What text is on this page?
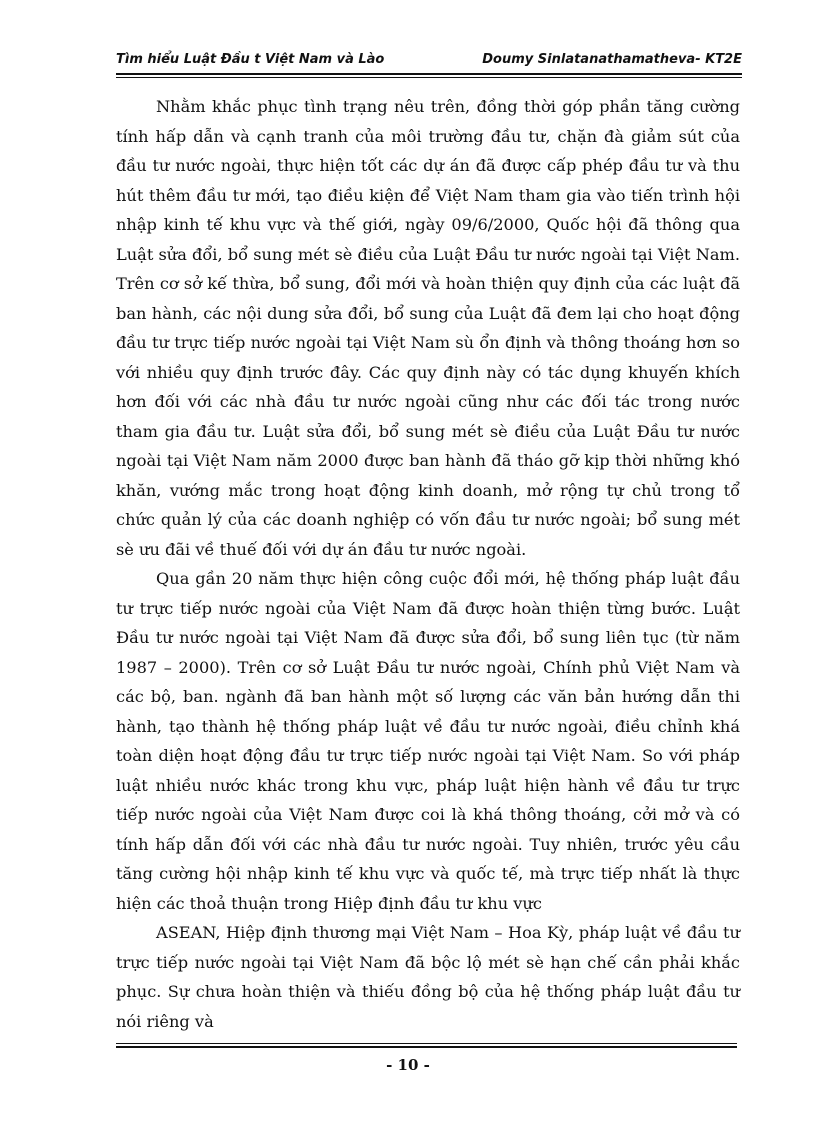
Tìm hiểu Luật Đầu t Việt Nam và Lào	Doumy Sinlatanathamatheva- KT2E

Nhằm khắc phục tình trạng nêu trên, đồng thời góp phần tăng cường tính hấp dẫn và cạnh tranh của môi trường đầu tư, chặn đà giảm sút của đầu tư nước ngoài, thực hiện tốt các dự án đã được cấp phép đầu tư và thu hút thêm đầu tư mới, tạo điều kiện để Việt Nam tham gia vào tiến trình hội nhập kinh tế khu vực và thế giới, ngày 09/6/2000, Quốc hội đã thông qua Luật sửa đổi, bổ sung mét sè điều của Luật Đầu tư nước ngoài tại Việt Nam. Trên cơ sở kế thừa, bổ sung, đổi mới và hoàn thiện quy định của các luật đã ban hành, các nội dung sửa đổi, bổ sung của Luật đã đem lại cho hoạt động đầu tư trực tiếp nước ngoài tại Việt Nam sù ổn định và thông thoáng hơn so với nhiều quy định trước đây. Các quy định này có tác dụng khuyến khích hơn đối với các nhà đầu tư nước ngoài cũng như các đối tác trong nước tham gia đầu tư. Luật sửa đổi, bổ sung mét sè điều của Luật Đầu tư nước ngoài tại Việt Nam năm 2000 được ban hành đã tháo gỡ kịp thời những khó khăn, vướng mắc trong hoạt động kinh doanh, mở rộng tự chủ trong tổ chức quản lý của các doanh nghiệp có vốn đầu tư nước ngoài; bổ sung mét sè ưu đãi về thuế đối với dự án đầu tư nước ngoài.

Qua gần 20 năm thực hiện công cuộc đổi mới, hệ thống pháp luật đầu tư trực tiếp nước ngoài của Việt Nam đã được hoàn thiện từng bước. Luật Đầu tư nước ngoài tại Việt Nam đã được sửa đổi, bổ sung liên tục (từ năm 1987 – 2000). Trên cơ sở Luật Đầu tư nước ngoài, Chính phủ Việt Nam và các bộ, ban. ngành đã ban hành một số lượng các văn bản hướng dẫn thi hành, tạo thành hệ thống pháp luật về đầu tư nước ngoài, điều chỉnh khá toàn diện hoạt động đầu tư trực tiếp nước ngoài tại Việt Nam. So với pháp luật nhiều nước khác trong khu vực, pháp luật hiện hành về đầu tư trực tiếp nước ngoài của Việt Nam được coi là khá thông thoáng, cởi mở và có tính hấp dẫn đối với các nhà đầu tư nước ngoài. Tuy nhiên, trước yêu cầu tăng cường hội nhập kinh tế khu vực và quốc tế, mà trực tiếp nhất là thực hiện các thoả thuận trong Hiệp định đầu tư khu vực

ASEAN, Hiệp định thương mại Việt Nam – Hoa Kỳ, pháp luật về đầu tư trực tiếp nước ngoài tại Việt Nam đã bộc lộ mét sè hạn chế cần phải khắc phục. Sự chưa hoàn thiện và thiếu đồng bộ của hệ thống pháp luật đầu tư nói riêng và

- 10 -
